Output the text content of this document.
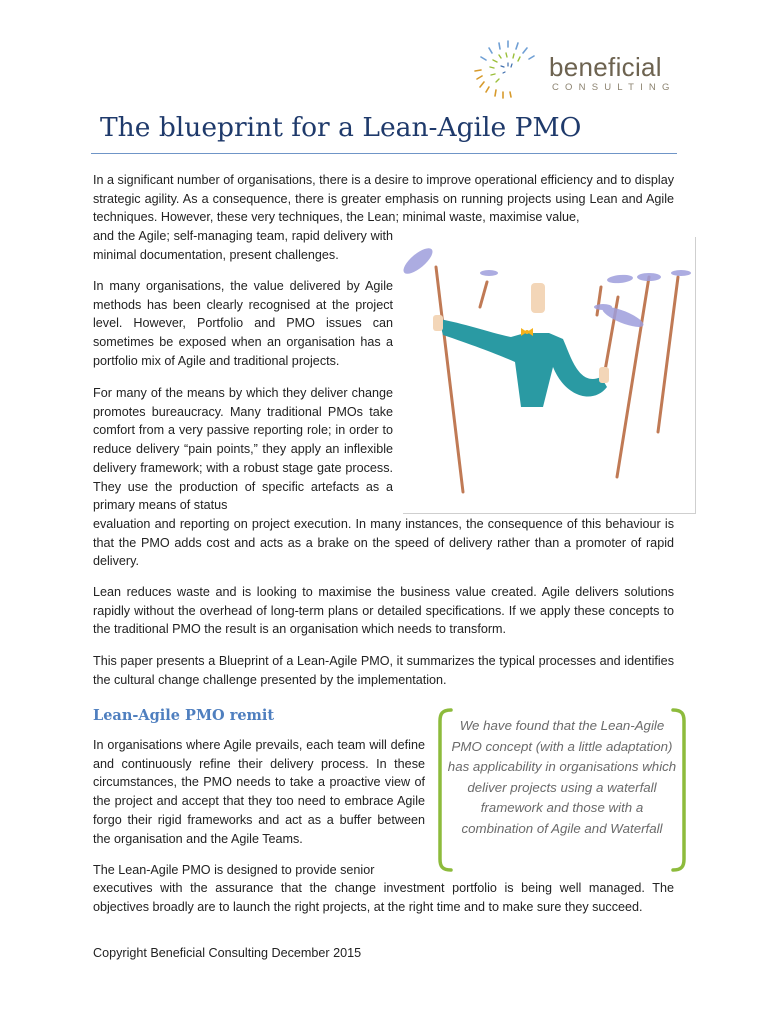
beneficial
CONSULTING
The blueprint for a Lean-Agile PMO

In a significant number of organisations, there is a desire to improve operational efficiency and to display strategic agility. As a consequence, there is greater emphasis on running projects using Lean and Agile techniques. However, these very techniques, the Lean; minimal waste, maximise value,

and the Agile; self-managing team, rapid delivery with minimal documentation, present challenges.

In many organisations, the value delivered by Agile methods has been clearly recognised at the project level. However, Portfolio and PMO issues can sometimes be exposed when an organisation has a portfolio mix of Agile and traditional projects.

For many of the means by which they deliver change promotes bureaucracy. Many traditional PMOs take comfort from a very passive reporting role; in order to reduce delivery “pain points,” they apply an inflexible delivery framework; with a robust stage gate process. They use the production of specific artefacts as a primary means of status

evaluation and reporting on project execution. In many instances, the consequence of this behaviour is that the PMO adds cost and acts as a brake on the speed of delivery rather than a promoter of rapid delivery.

Lean reduces waste and is looking to maximise the business value created. Agile delivers solutions rapidly without the overhead of long-term plans or detailed specifications. If we apply these concepts to the traditional PMO the result is an organisation which needs to transform.

This paper presents a Blueprint of a Lean-Agile PMO, it summarizes the typical processes and identifies the cultural change challenge presented by the implementation.

Lean-Agile PMO remit

In organisations where Agile prevails, each team will define and continuously refine their delivery process. In these circumstances, the PMO needs to take a proactive view of the project and accept that they too need to embrace Agile forgo their rigid frameworks and act as a buffer between the organisation and the Agile Teams.

The Lean-Agile PMO is designed to provide senior

executives with the assurance that the change investment portfolio is being well managed. The objectives broadly are to launch the right projects, at the right time and to make sure they succeed.

We have found that the Lean-Agile PMO concept (with a little adaptation) has applicability in organisations which deliver projects using a waterfall framework and those with a combination of Agile and Waterfall

Copyright Beneficial Consulting December 2015
